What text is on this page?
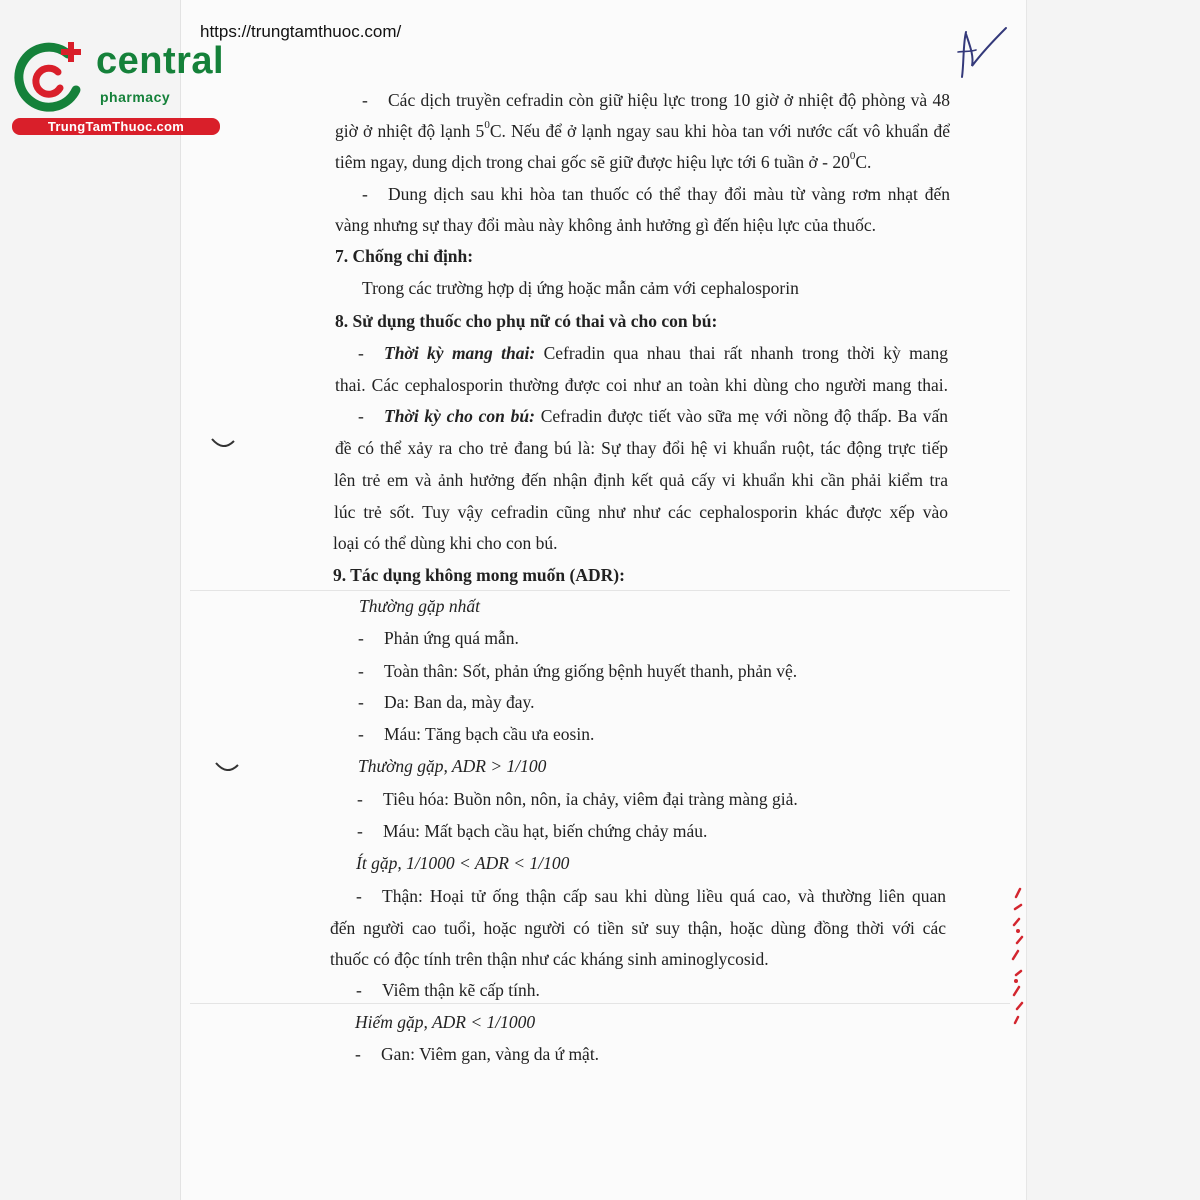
https://trungtamthuoc.com/
central
pharmacy
TrungTamThuoc.com

- Các dịch truyền cefradin còn giữ hiệu lực trong 10 giờ ở nhiệt độ phòng và 48

giờ ở nhiệt độ lạnh $5^0C$. Nếu để ở lạnh ngay sau khi hòa tan với nước cất vô khuẩn để

tiêm ngay, dung dịch trong chai gốc sẽ giữ được hiệu lực tới 6 tuần ở - $20^0C$.

- Dung dịch sau khi hòa tan thuốc có thể thay đổi màu từ vàng rơm nhạt đến

vàng nhưng sự thay đổi màu này không ảnh hưởng gì đến hiệu lực của thuốc.

7. Chống chỉ định:

Trong các trường hợp dị ứng hoặc mẫn cảm với cephalosporin

8. Sử dụng thuốc cho phụ nữ có thai và cho con bú:

- Thời kỳ mang thai: Cefradin qua nhau thai rất nhanh trong thời kỳ mang

thai. Các cephalosporin thường được coi như an toàn khi dùng cho người mang thai.

- Thời kỳ cho con bú: Cefradin được tiết vào sữa mẹ với nồng độ thấp. Ba vấn

đề có thể xảy ra cho trẻ đang bú là: Sự thay đổi hệ vi khuẩn ruột, tác động trực tiếp

lên trẻ em và ảnh hưởng đến nhận định kết quả cấy vi khuẩn khi cần phải kiểm tra

lúc trẻ sốt. Tuy vậy cefradin cũng như như các cephalosporin khác được xếp vào

loại có thể dùng khi cho con bú.

9. Tác dụng không mong muốn (ADR):

Thường gặp nhất

- Phản ứng quá mẫn.

- Toàn thân: Sốt, phản ứng giống bệnh huyết thanh, phản vệ.

- Da: Ban da, mày đay.

- Máu: Tăng bạch cầu ưa eosin.

Thường gặp, ADR > 1/100

- Tiêu hóa: Buồn nôn, nôn, ỉa chảy, viêm đại tràng màng giả.

- Máu: Mất bạch cầu hạt, biến chứng chảy máu.

Ít gặp, 1/1000 < ADR < 1/100

- Thận: Hoại tử ống thận cấp sau khi dùng liều quá cao, và thường liên quan

đến người cao tuổi, hoặc người có tiền sử suy thận, hoặc dùng đồng thời với các

thuốc có độc tính trên thận như các kháng sinh aminoglycosid.

- Viêm thận kẽ cấp tính.

Hiếm gặp, ADR < 1/1000

- Gan: Viêm gan, vàng da ứ mật.
